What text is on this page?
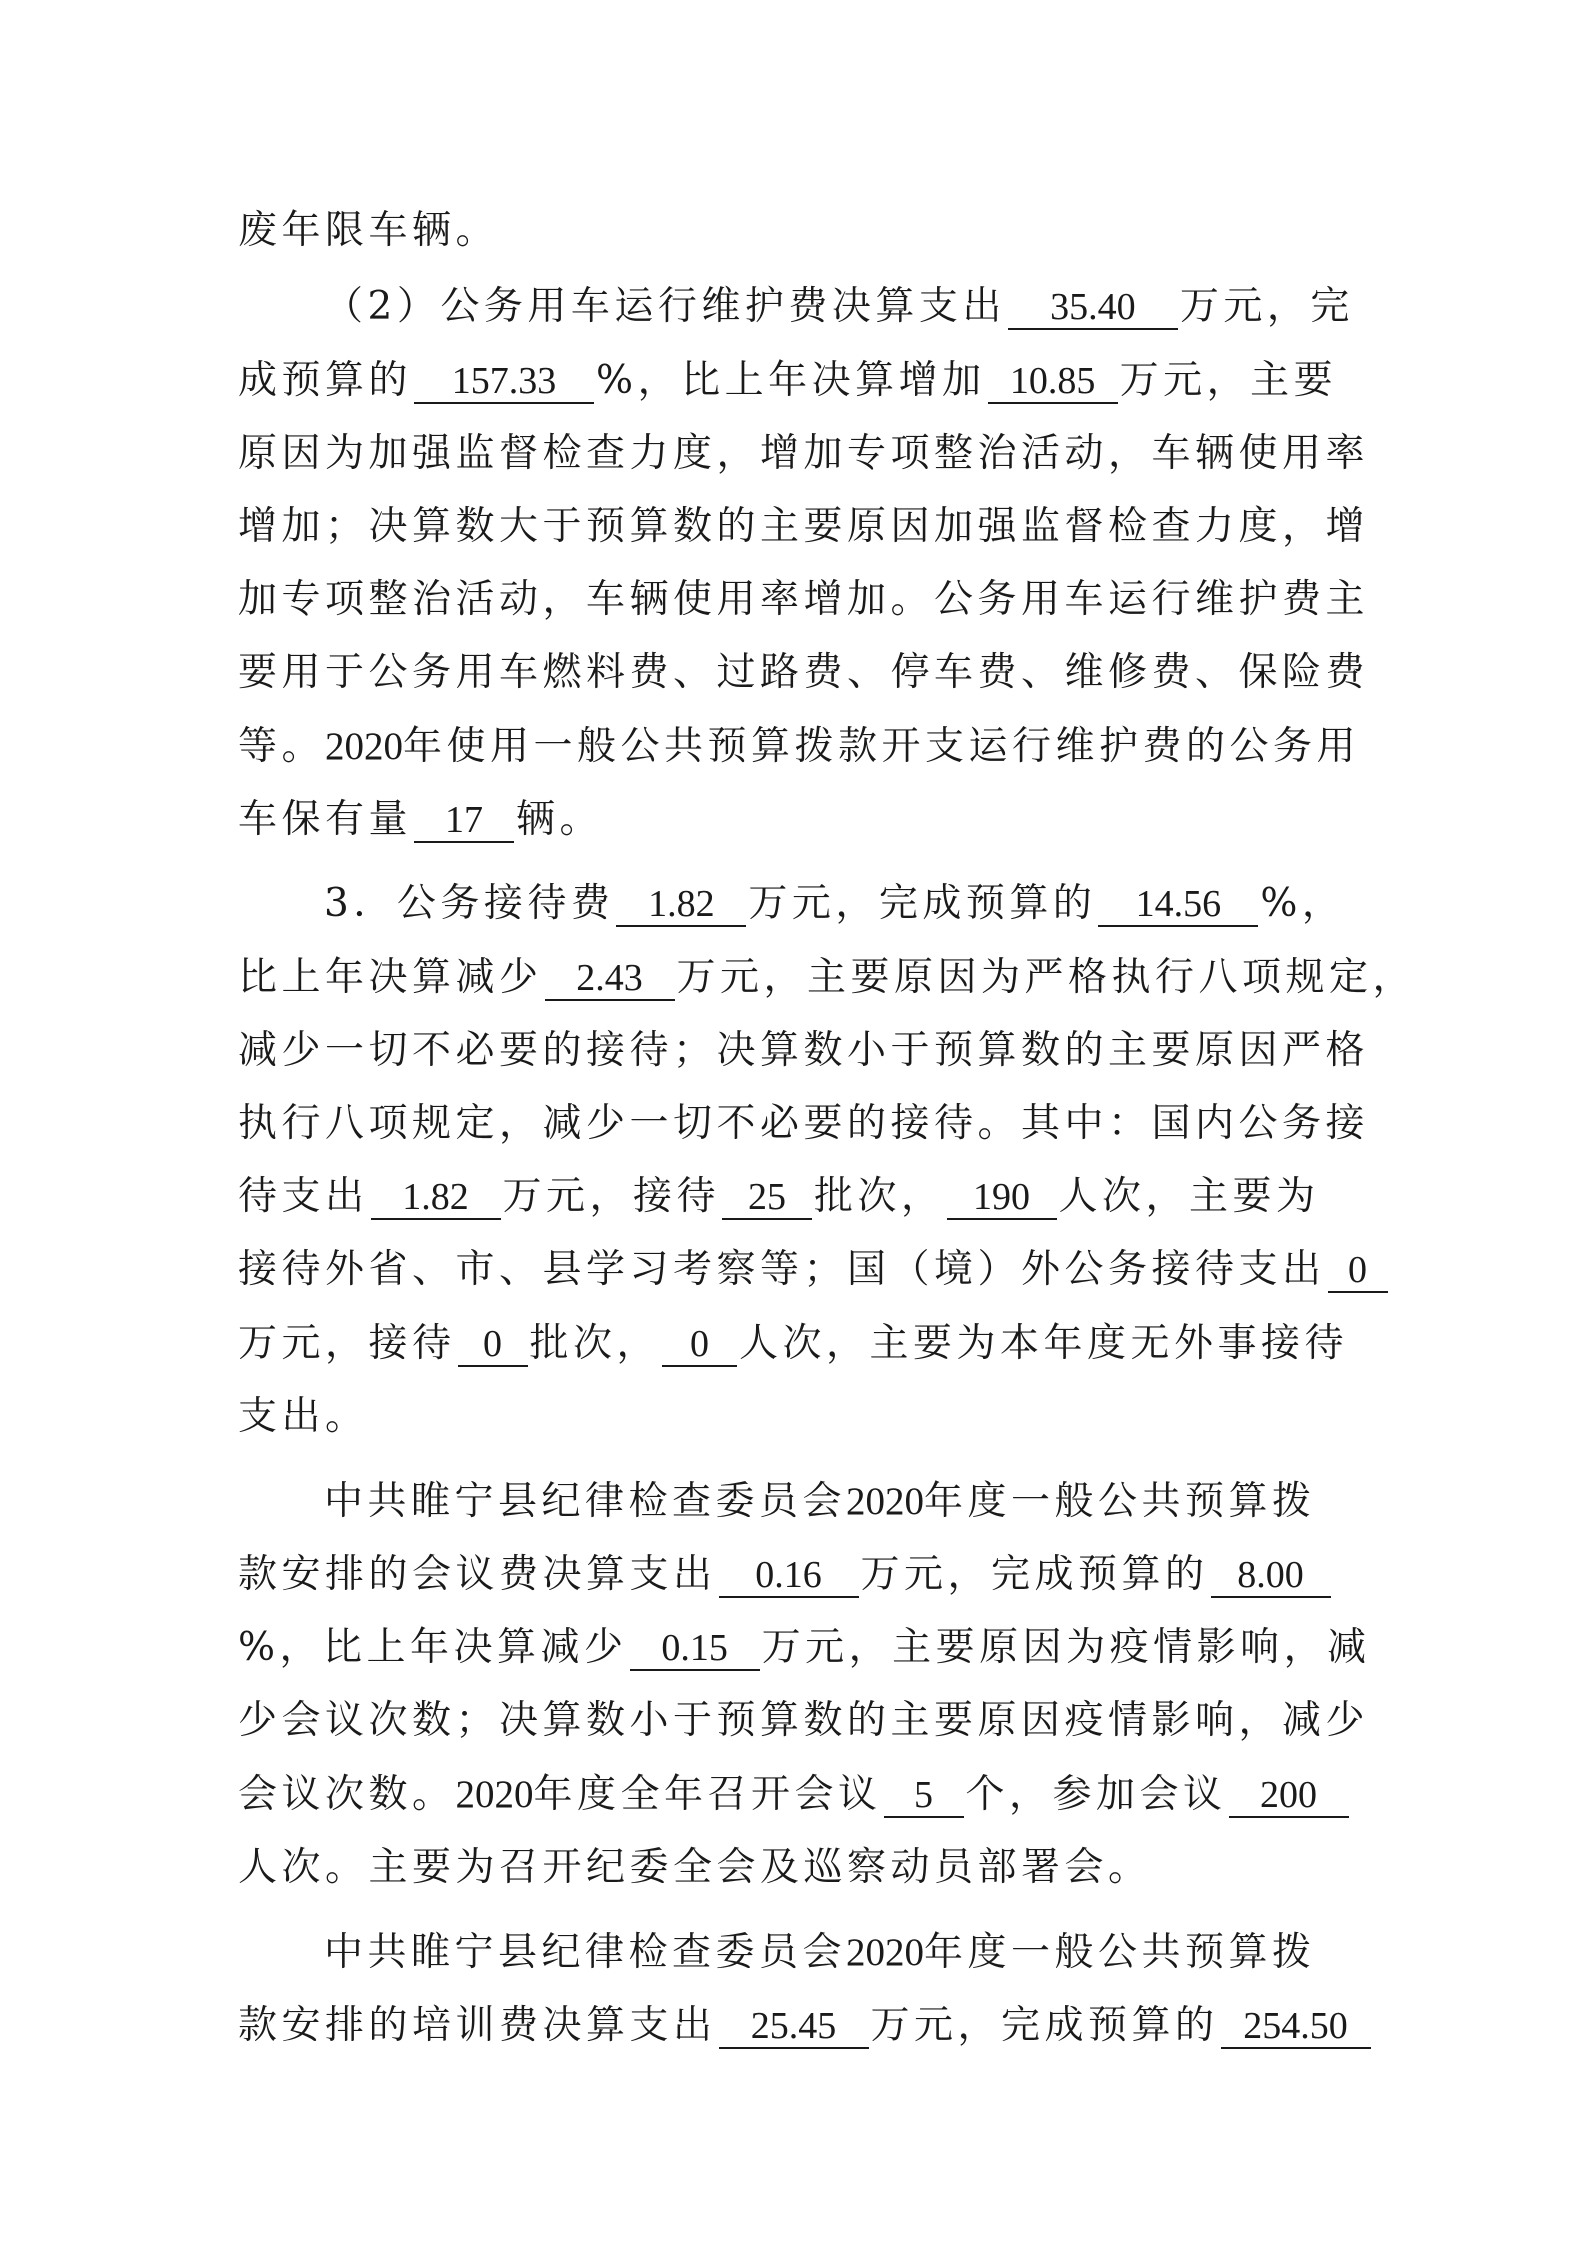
废年限车辆。
（2）公务用车运行维护费决算支出 35.40 万元，完
成预算的 157.33 %，比上年决算增加 10.85 万元，主要
原因为加强监督检查力度，增加专项整治活动，车辆使用率
增加；决算数大于预算数的主要原因加强监督检查力度，增
加专项整治活动，车辆使用率增加。公务用车运行维护费主
要用于公务用车燃料费、过路费、停车费、维修费、保险费
等。2020年使用一般公共预算拨款开支运行维护费的公务用
车保有量 17 辆。
3．公务接待费 1.82 万元，完成预算的 14.56 %，
比上年决算减少 2.43 万元，主要原因为严格执行八项规定，
减少一切不必要的接待；决算数小于预算数的主要原因严格
执行八项规定，减少一切不必要的接待。其中：国内公务接
待支出 1.82 万元，接待 25 批次， 190 人次，主要为
接待外省、市、县学习考察等；国（境）外公务接待支出 0
万元，接待 0 批次， 0 人次，主要为本年度无外事接待
支出。
中共睢宁县纪律检查委员会2020年度一般公共预算拨
款安排的会议费决算支出 0.16 万元，完成预算的 8.00
%，比上年决算减少 0.15 万元，主要原因为疫情影响，减
少会议次数；决算数小于预算数的主要原因疫情影响，减少
会议次数。2020年度全年召开会议 5 个，参加会议 200
人次。主要为召开纪委全会及巡察动员部署会。
中共睢宁县纪律检查委员会2020年度一般公共预算拨
款安排的培训费决算支出 25.45 万元，完成预算的 254.50
